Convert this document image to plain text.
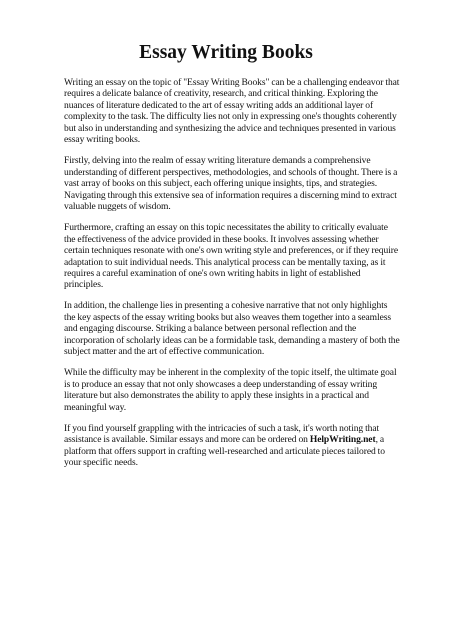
Essay Writing Books

Writing an essay on the topic of "Essay Writing Books" can be a challenging endeavor that requires a delicate balance of creativity, research, and critical thinking. Exploring the nuances of literature dedicated to the art of essay writing adds an additional layer of complexity to the task. The difficulty lies not only in expressing one's thoughts coherently but also in understanding and synthesizing the advice and techniques presented in various essay writing books.

Firstly, delving into the realm of essay writing literature demands a comprehensive understanding of different perspectives, methodologies, and schools of thought. There is a vast array of books on this subject, each offering unique insights, tips, and strategies. Navigating through this extensive sea of information requires a discerning mind to extract valuable nuggets of wisdom.

Furthermore, crafting an essay on this topic necessitates the ability to critically evaluate the effectiveness of the advice provided in these books. It involves assessing whether certain techniques resonate with one's own writing style and preferences, or if they require adaptation to suit individual needs. This analytical process can be mentally taxing, as it requires a careful examination of one's own writing habits in light of established principles.

In addition, the challenge lies in presenting a cohesive narrative that not only highlights the key aspects of the essay writing books but also weaves them together into a seamless and engaging discourse. Striking a balance between personal reflection and the incorporation of scholarly ideas can be a formidable task, demanding a mastery of both the subject matter and the art of effective communication.

While the difficulty may be inherent in the complexity of the topic itself, the ultimate goal is to produce an essay that not only showcases a deep understanding of essay writing literature but also demonstrates the ability to apply these insights in a practical and meaningful way.

If you find yourself grappling with the intricacies of such a task, it's worth noting that assistance is available. Similar essays and more can be ordered on HelpWriting.net, a platform that offers support in crafting well-researched and articulate pieces tailored to your specific needs.
